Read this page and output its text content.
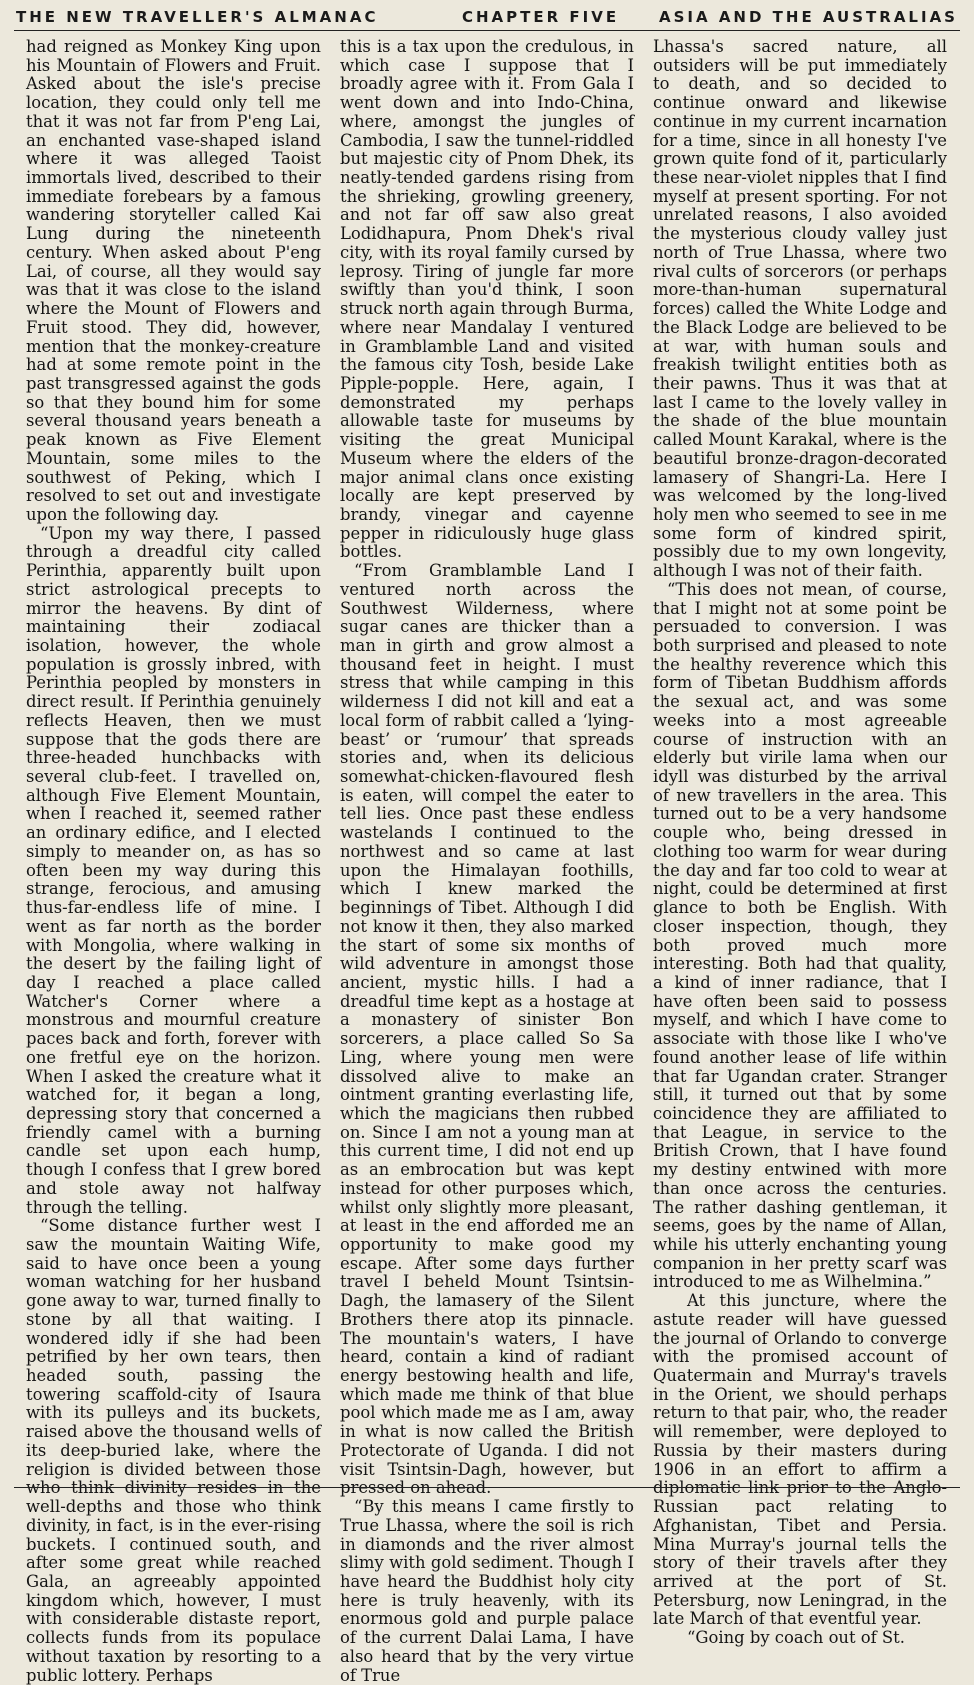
THE NEW TRAVELLER'S ALMANAC	CHAPTER FIVE	ASIA AND THE AUSTRALIAS

had reigned as Monkey King upon his Mountain of Flowers and Fruit. Asked about the isle's precise location, they could only tell me that it was not far from P'eng Lai, an enchanted vase-shaped island where it was alleged Taoist immortals lived, described to their immediate forebears by a famous wandering storyteller called Kai Lung during the nineteenth century. When asked about P'eng Lai, of course, all they would say was that it was close to the island where the Mount of Flowers and Fruit stood. They did, however, mention that the monkey-creature had at some remote point in the past transgressed against the gods so that they bound him for some several thousand years beneath a peak known as Five Element Mountain, some miles to the southwest of Peking, which I resolved to set out and investigate upon the following day.

“Upon my way there, I passed through a dreadful city called Perinthia, apparently built upon strict astrological precepts to mirror the heavens. By dint of maintaining their zodiacal isolation, however, the whole population is grossly inbred, with Perinthia peopled by monsters in direct result. If Perinthia genuinely reflects Heaven, then we must suppose that the gods there are three-headed hunchbacks with several club-feet. I travelled on, although Five Element Mountain, when I reached it, seemed rather an ordinary edifice, and I elected simply to meander on, as has so often been my way during this strange, ferocious, and amusing thus-far-endless life of mine. I went as far north as the border with Mongolia, where walking in the desert by the failing light of day I reached a place called Watcher's Corner where a monstrous and mournful creature paces back and forth, forever with one fretful eye on the horizon. When I asked the creature what it watched for, it began a long, depressing story that concerned a friendly camel with a burning candle set upon each hump, though I confess that I grew bored and stole away not halfway through the telling.

“Some distance further west I saw the mountain Waiting Wife, said to have once been a young woman watching for her husband gone away to war, turned finally to stone by all that waiting. I wondered idly if she had been petrified by her own tears, then headed south, passing the towering scaffold-city of Isaura with its pulleys and its buckets, raised above the thousand wells of its deep-buried lake, where the religion is divided between those who think divinity resides in the well-depths and those who think divinity, in fact, is in the ever-rising buckets. I continued south, and after some great while reached Gala, an agreeably appointed kingdom which, however, I must with considerable distaste report, collects funds from its populace without taxation by resorting to a public lottery. Perhaps

this is a tax upon the credulous, in which case I suppose that I broadly agree with it. From Gala I went down and into Indo-China, where, amongst the jungles of Cambodia, I saw the tunnel-riddled but majestic city of Pnom Dhek, its neatly-tended gardens rising from the shrieking, growling greenery, and not far off saw also great Lodidhapura, Pnom Dhek's rival city, with its royal family cursed by leprosy. Tiring of jungle far more swiftly than you'd think, I soon struck north again through Burma, where near Mandalay I ventured in Gramblamble Land and visited the famous city Tosh, beside Lake Pipple-popple. Here, again, I demonstrated my perhaps allowable taste for museums by visiting the great Municipal Museum where the elders of the major animal clans once existing locally are kept preserved by brandy, vinegar and cayenne pepper in ridiculously huge glass bottles.

“From Gramblamble Land I ventured north across the Southwest Wilderness, where sugar canes are thicker than a man in girth and grow almost a thousand feet in height. I must stress that while camping in this wilderness I did not kill and eat a local form of rabbit called a ‘lying-beast’ or ‘rumour’ that spreads stories and, when its delicious somewhat-chicken-flavoured flesh is eaten, will compel the eater to tell lies. Once past these endless wastelands I continued to the northwest and so came at last upon the Himalayan foothills, which I knew marked the beginnings of Tibet. Although I did not know it then, they also marked the start of some six months of wild adventure in amongst those ancient, mystic hills. I had a dreadful time kept as a hostage at a monastery of sinister Bon sorcerers, a place called So Sa Ling, where young men were dissolved alive to make an ointment granting everlasting life, which the magicians then rubbed on. Since I am not a young man at this current time, I did not end up as an embrocation but was kept instead for other purposes which, whilst only slightly more pleasant, at least in the end afforded me an opportunity to make good my escape. After some days further travel I beheld Mount Tsintsin-Dagh, the lamasery of the Silent Brothers there atop its pinnacle. The mountain's waters, I have heard, contain a kind of radiant energy bestowing health and life, which made me think of that blue pool which made me as I am, away in what is now called the British Protectorate of Uganda. I did not visit Tsintsin-Dagh, however, but pressed on ahead.

“By this means I came firstly to True Lhassa, where the soil is rich in diamonds and the river almost slimy with gold sediment. Though I have heard the Buddhist holy city here is truly heavenly, with its enormous gold and purple palace of the current Dalai Lama, I have also heard that by the very virtue of True

Lhassa's sacred nature, all outsiders will be put immediately to death, and so decided to continue onward and likewise continue in my current incarnation for a time, since in all honesty I've grown quite fond of it, particularly these near-violet nipples that I find myself at present sporting. For not unrelated reasons, I also avoided the mysterious cloudy valley just north of True Lhassa, where two rival cults of sorcerors (or perhaps more-than-human supernatural forces) called the White Lodge and the Black Lodge are believed to be at war, with human souls and freakish twilight entities both as their pawns. Thus it was that at last I came to the lovely valley in the shade of the blue mountain called Mount Karakal, where is the beautiful bronze-dragon-decorated lamasery of Shangri-La. Here I was welcomed by the long-lived holy men who seemed to see in me some form of kindred spirit, possibly due to my own longevity, although I was not of their faith.

“This does not mean, of course, that I might not at some point be persuaded to conversion. I was both surprised and pleased to note the healthy reverence which this form of Tibetan Buddhism affords the sexual act, and was some weeks into a most agreeable course of instruction with an elderly but virile lama when our idyll was disturbed by the arrival of new travellers in the area. This turned out to be a very handsome couple who, being dressed in clothing too warm for wear during the day and far too cold to wear at night, could be determined at first glance to both be English. With closer inspection, though, they both proved much more interesting. Both had that quality, a kind of inner radiance, that I have often been said to possess myself, and which I have come to associate with those like I who've found another lease of life within that far Ugandan crater. Stranger still, it turned out that by some coincidence they are affiliated to that League, in service to the British Crown, that I have found my destiny entwined with more than once across the centuries. The rather dashing gentleman, it seems, goes by the name of Allan, while his utterly enchanting young companion in her pretty scarf was introduced to me as Wilhelmina.”

At this juncture, where the astute reader will have guessed the journal of Orlando to converge with the promised account of Quatermain and Murray's travels in the Orient, we should perhaps return to that pair, who, the reader will remember, were deployed to Russia by their masters during 1906 in an effort to affirm a diplomatic link prior to the Anglo-Russian pact relating to Afghanistan, Tibet and Persia. Mina Murray's journal tells the story of their travels after they arrived at the port of St. Petersburg, now Leningrad, in the late March of that eventful year.

“Going by coach out of St.
